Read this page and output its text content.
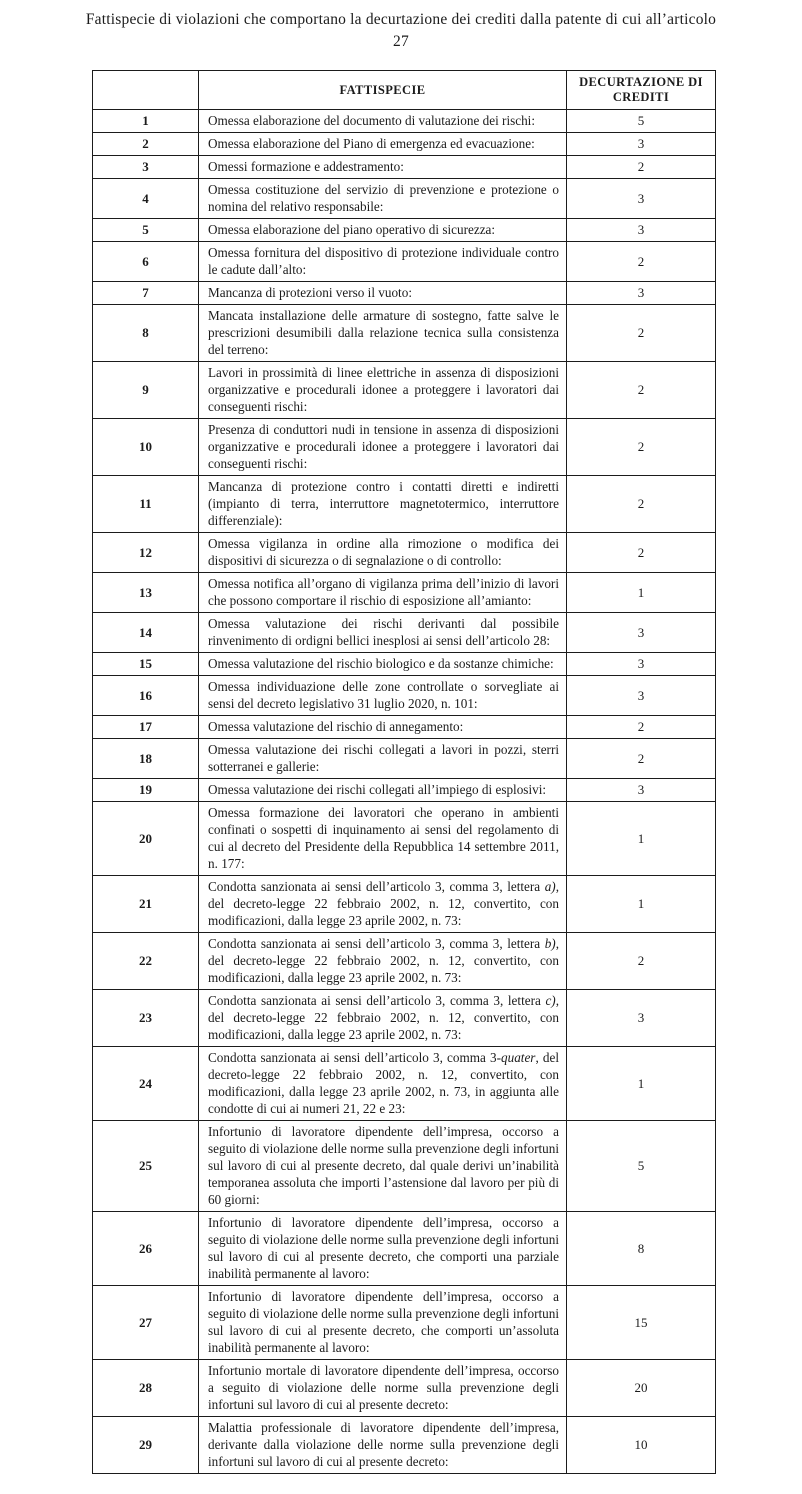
Fattispecie di violazioni che comportano la decurtazione dei crediti dalla patente di cui all’articolo 27
	FATTISPECIE	DECURTAZIONE DI CREDITI
1	Omessa elaborazione del documento di valutazione dei rischi:	5
2	Omessa elaborazione del Piano di emergenza ed evacuazione:	3
3	Omessi formazione e addestramento:	2
4	Omessa costituzione del servizio di prevenzione e protezione o nomina del relativo responsabile:	3
5	Omessa elaborazione del piano operativo di sicurezza:	3
6	Omessa fornitura del dispositivo di protezione individuale contro le cadute dall’alto:	2
7	Mancanza di protezioni verso il vuoto:	3
8	Mancata installazione delle armature di sostegno, fatte salve le prescrizioni desumibili dalla relazione tecnica sulla consistenza del terreno:	2
9	Lavori in prossimità di linee elettriche in assenza di disposizioni organizzative e procedurali idonee a proteggere i lavoratori dai conseguenti rischi:	2
10	Presenza di conduttori nudi in tensione in assenza di disposizioni organizzative e procedurali idonee a proteggere i lavoratori dai conseguenti rischi:	2
11	Mancanza di protezione contro i contatti diretti e indiretti (impianto di terra, interruttore magnetotermico, interruttore differenziale):	2
12	Omessa vigilanza in ordine alla rimozione o modifica dei dispositivi di sicurezza o di segnalazione o di controllo:	2
13	Omessa notifica all’organo di vigilanza prima dell’inizio di lavori che possono comportare il rischio di esposizione all’amianto:	1
14	Omessa valutazione dei rischi derivanti dal possibile rinvenimento di ordigni bellici inesplosi ai sensi dell’articolo 28:	3
15	Omessa valutazione del rischio biologico e da sostanze chimiche:	3
16	Omessa individuazione delle zone controllate o sorvegliate ai sensi del decreto legislativo 31 luglio 2020, n. 101:	3
17	Omessa valutazione del rischio di annegamento:	2
18	Omessa valutazione dei rischi collegati a lavori in pozzi, sterri sotterranei e gallerie:	2
19	Omessa valutazione dei rischi collegati all’impiego di esplosivi:	3
20	Omessa formazione dei lavoratori che operano in ambienti confinati o sospetti di inquinamento ai sensi del regolamento di cui al decreto del Presidente della Repubblica 14 settembre 2011, n. 177:	1
21	Condotta sanzionata ai sensi dell’articolo 3, comma 3, lettera a), del decreto-legge 22 febbraio 2002, n. 12, convertito, con modificazioni, dalla legge 23 aprile 2002, n. 73:	1
22	Condotta sanzionata ai sensi dell’articolo 3, comma 3, lettera b), del decreto-legge 22 febbraio 2002, n. 12, convertito, con modificazioni, dalla legge 23 aprile 2002, n. 73:	2
23	Condotta sanzionata ai sensi dell’articolo 3, comma 3, lettera c), del decreto-legge 22 febbraio 2002, n. 12, convertito, con modificazioni, dalla legge 23 aprile 2002, n. 73:	3
24	Condotta sanzionata ai sensi dell’articolo 3, comma 3-quater, del decreto-legge 22 febbraio 2002, n. 12, convertito, con modificazioni, dalla legge 23 aprile 2002, n. 73, in aggiunta alle condotte di cui ai numeri 21, 22 e 23:	1
25	Infortunio di lavoratore dipendente dell’impresa, occorso a seguito di violazione delle norme sulla prevenzione degli infortuni sul lavoro di cui al presente decreto, dal quale derivi un’inabilità temporanea assoluta che importi l’astensione dal lavoro per più di 60 giorni:	5
26	Infortunio di lavoratore dipendente dell’impresa, occorso a seguito di violazione delle norme sulla prevenzione degli infortuni sul lavoro di cui al presente decreto, che comporti una parziale inabilità permanente al lavoro:	8
27	Infortunio di lavoratore dipendente dell’impresa, occorso a seguito di violazione delle norme sulla prevenzione degli infortuni sul lavoro di cui al presente decreto, che comporti un’assoluta inabilità permanente al lavoro:	15
28	Infortunio mortale di lavoratore dipendente dell’impresa, occorso a seguito di violazione delle norme sulla prevenzione degli infortuni sul lavoro di cui al presente decreto:	20
29	Malattia professionale di lavoratore dipendente dell’impresa, derivante dalla violazione delle norme sulla prevenzione degli infortuni sul lavoro di cui al presente decreto:	10
